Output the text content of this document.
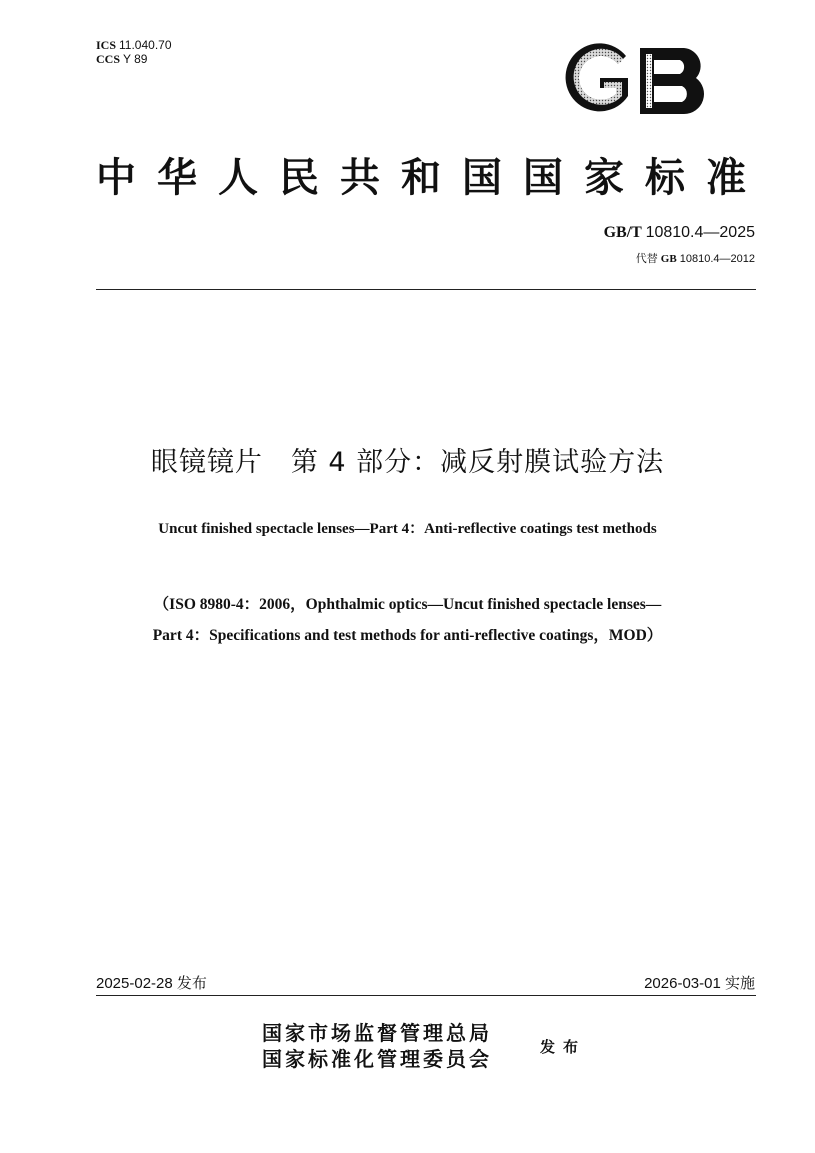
ICS 11.040.70
CCS Y 89
GB
中华人民共和国国家标准
GB/T 10810.4—2025
代替 GB 10810.4—2012
眼镜镜片　第 4 部分：减反射膜试验方法
Uncut finished spectacle lenses—Part 4：Anti-reflective coatings test methods
（ISO 8980-4：2006，Ophthalmic optics—Uncut finished spectacle lenses—
Part 4：Specifications and test methods for anti-reflective coatings，MOD）
2025-02-28 发布	2026-03-01 实施
国家市场监督管理总局
国家标准化管理委员会	发布
